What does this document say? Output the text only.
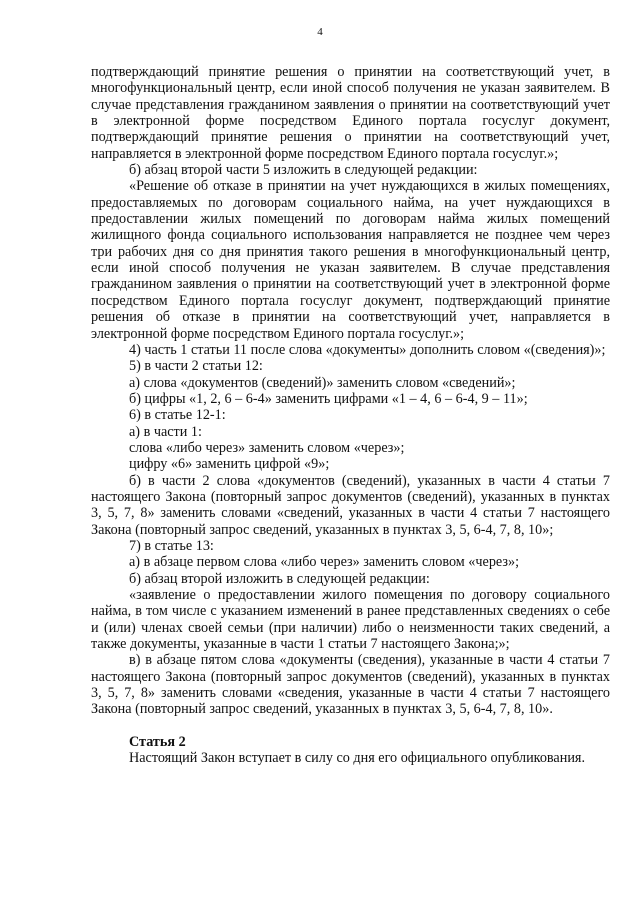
4

подтверждающий принятие решения о принятии на соответствующий учет, в многофункциональный центр, если иной способ получения не указан заявителем. В случае представления гражданином заявления о принятии на соответствующий учет в электронной форме посредством Единого портала госуслуг документ, подтверждающий принятие решения о принятии на соответствующий учет, направляется в электронной форме посредством Единого портала госуслуг.»;

б) абзац второй части 5 изложить в следующей редакции:

«Решение об отказе в принятии на учет нуждающихся в жилых помещениях, предоставляемых по договорам социального найма, на учет нуждающихся в предоставлении жилых помещений по договорам найма жилых помещений жилищного фонда социального использования направляется не позднее чем через три рабочих дня со дня принятия такого решения в многофункциональный центр, если иной способ получения не указан заявителем. В случае представления гражданином заявления о принятии на соответствующий учет в электронной форме посредством Единого портала госуслуг документ, подтверждающий принятие решения об отказе в принятии на соответствующий учет, направляется в электронной форме посредством Единого портала госуслуг.»;

4) часть 1 статьи 11 после слова «документы» дополнить словом «(сведения)»;

5) в части 2 статьи 12:

а) слова «документов (сведений)» заменить словом «сведений»;

б) цифры «1, 2, 6 – 6-4» заменить цифрами «1 – 4, 6 – 6-4, 9 – 11»;

6) в статье 12-1:

а) в части 1:

слова «либо через» заменить словом «через»;

цифру «6» заменить цифрой «9»;

б) в части 2 слова «документов (сведений), указанных в части 4 статьи 7 настоящего Закона (повторный запрос документов (сведений), указанных в пунктах 3, 5, 7, 8» заменить словами «сведений, указанных в части 4 статьи 7 настоящего Закона (повторный запрос сведений, указанных в пунктах 3, 5, 6-4, 7, 8, 10»;

7) в статье 13:

а) в абзаце первом слова «либо через» заменить словом «через»;

б) абзац второй изложить в следующей редакции:

«заявление о предоставлении жилого помещения по договору социального найма, в том числе с указанием изменений в ранее представленных сведениях о себе и (или) членах своей семьи (при наличии) либо о неизменности таких сведений, а также документы, указанные в части 1 статьи 7 настоящего Закона;»;

в) в абзаце пятом слова «документы (сведения), указанные в части 4 статьи 7 настоящего Закона (повторный запрос документов (сведений), указанных в пунктах 3, 5, 7, 8» заменить словами «сведения, указанные в части 4 статьи 7 настоящего Закона (повторный запрос сведений, указанных в пунктах 3, 5, 6-4, 7, 8, 10».

Статья 2

Настоящий Закон вступает в силу со дня его официального опубликования.
